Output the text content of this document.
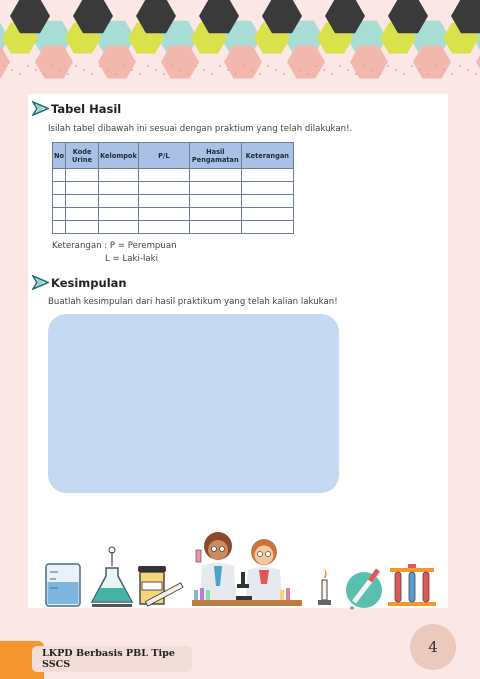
Tabel Hasil
Isilah tabel dibawah ini sesuai dengan praktium yang telah dilakukan!.
No	Kode Urine	Kelompok	P/L	Hasil Pengamatan	Keterangan

Keterangan : P = Perempuan
L = Laki-laki
Kesimpulan
Buatlah kesimpulan dari hasil praktikum yang telah kalian lakukan!
LKPD Berbasis PBL Tipe SSCS
4
